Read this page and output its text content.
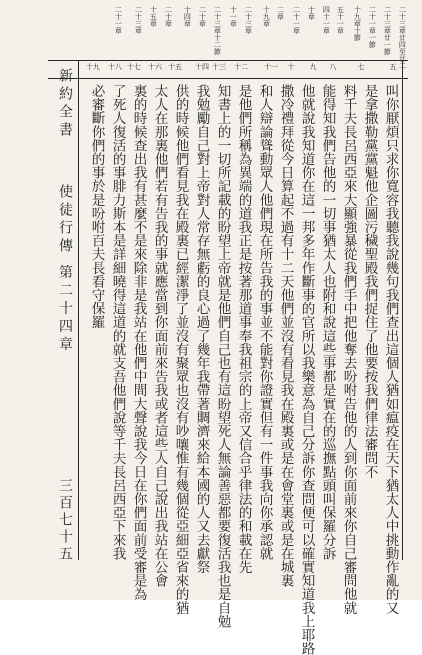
二十三章廿四至廿二
二十三章廿一節
二十一章一節
十九章十節
五十一章
四十一章
十章
二十一章
二章
十九章
二十三章
十一章
二十三章十二節
二十章
十四章
二十章
十五章
二十三章
二十一章
五
七
八
九
十
十一
十二
十三
十四
十五
十六
十七
十八
十九
叫你厭煩只求你寬容我聽我說幾句我們查出這個人猶如瘟疫在天下猶太人中挑動作亂的又
是拿撒勒黨黨魁他企圖污穢聖殿我們捉住了他要按我們律法審問不
料千夫長呂西亞來大顯強暴從我們手中把他奪去吩咐告他的人到你面前來你自己審問他就
能得知我們告他的一切事猶太人也附和說這些事都是實在的巡撫點頭叫保羅分訴
他就說我知道你在這一邦多年作斷事的官所以我樂意為自己分訴你查問便可以確實知道我上耶路
撒冷禮拜從今日算起不過有十二天他們並沒有看見我在殿裏或是在會堂裏或是在城裏
和人辯論聳動眾人他們現在所告我的事並不能對你證實但有一件事我向你承認就
是他們所稱為異端的道我正是按著那道事奉我祖宗的上帝又信合乎律法的和載在先
知書上的一切所記載的盼望上帝就是他們自己也有這盼望死人無論善惡都要復活我也是自勉
我勉勵自己對上帝對人常存無虧的良心過了幾年我帶著賙濟來給本國的人又去獻祭
供的時候他們看見我在殿裏已經潔淨了並沒有聚眾也沒有吵嚷惟有幾個從亞細亞省來的猶
太人在那裏他們若有告我的事就應當到你面前來告我或者這些人自己說出我站在公會
裏的時候查出我有甚麼不是來除非是我站在他們中間大聲說我今日在你們面前受審是為
了死人復活的事腓力斯本是詳細曉得這道的就支吾他們說等千夫長呂西亞下來我
必審斷你們的事於是吩咐百夫長看守保羅
新約全書
使徒行傳 第二十四章
三百七十五
